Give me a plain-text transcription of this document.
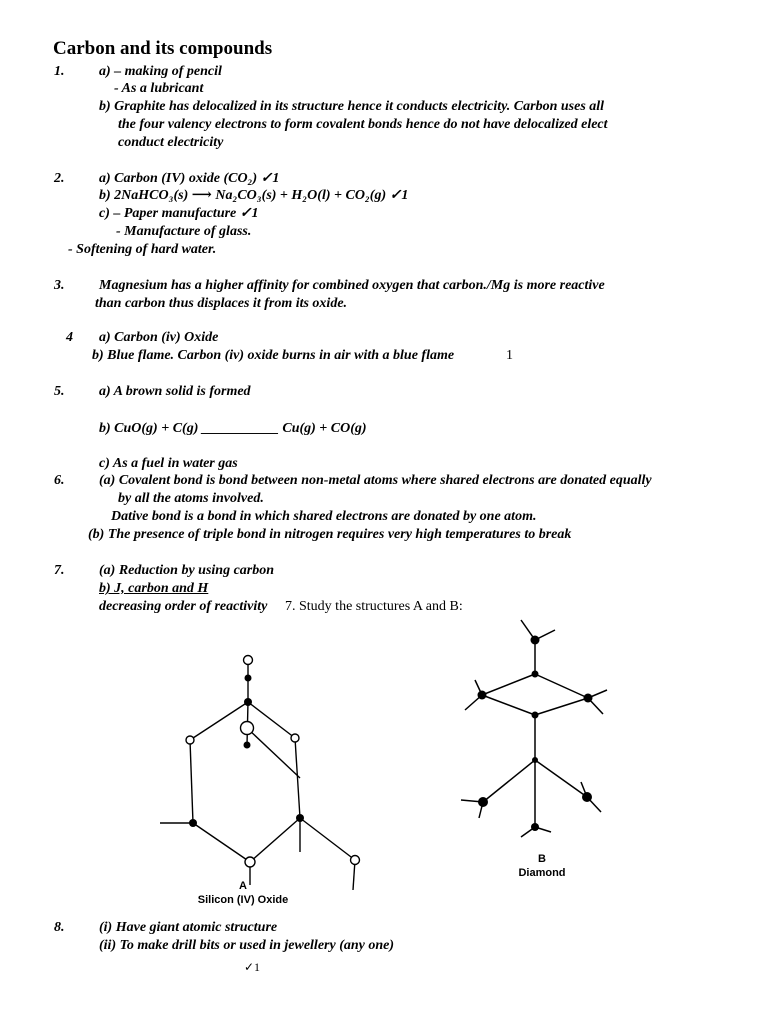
Carbon and its compounds
1. a) – making of pencil
- As a lubricant
b) Graphite has delocalized in its structure hence it conducts electricity. Carbon uses all
the four valency electrons to form covalent bonds hence do not have delocalized elect
conduct electricity
2. a) Carbon (IV) oxide (CO₂) ✓1
b) 2NaHCO₃(s) ⟶ Na₂CO₃(s) + H₂O(l) + CO₂(g) ✓1
c) – Paper manufacture ✓1
- Manufacture of glass.
- Softening of hard water.
3. Magnesium has a higher affinity for combined oxygen that carbon./Mg is more reactive
than carbon thus displaces it from its oxide.
4 a) Carbon (iv) Oxide
b) Blue flame. Carbon (iv) oxide burns in air with a blue flame	1
5. a) A brown solid is formed
b) CuO(g) + C(g) ___________ Cu(g) + CO(g)
c) As a fuel in water gas
6. (a) Covalent bond is bond between non-metal atoms where shared electrons are donated equally
by all the atoms involved.
Dative bond is a bond in which shared electrons are donated by one atom.
(b) The presence of triple bond in nitrogen requires very high temperatures to break
7. (a) Reduction by using carbon
b) J, carbon and H
decreasing order of reactivity 7. Study the structures A and B:
A
Silicon (IV) Oxide
B
Diamond
8. (i) Have giant atomic structure
(ii) To make drill bits or used in jewellery (any one)
✓1
